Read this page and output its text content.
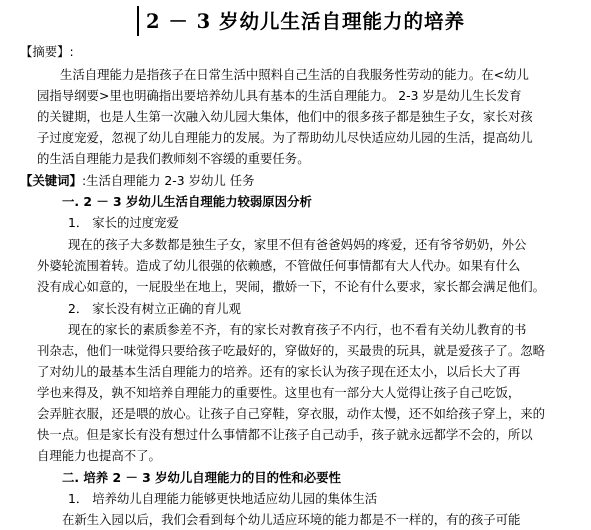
2 － 3 岁幼儿生活自理能力的培养
【摘要】:
生活自理能力是指孩子在日常生活中照料自己生活的自我服务性劳动的能力。在<幼儿
园指导纲要>里也明确指出要培养幼儿具有基本的生活自理能力。 2-3 岁是幼儿生长发育
的关键期，也是人生第一次融入幼儿园大集体，他们中的很多孩子都是独生子女，家长对孩
子过度宠爱，忽视了幼儿自理能力的发展。为了帮助幼儿尽快适应幼儿园的生活，提高幼儿
的生活自理能力是我们教师刻不容缓的重要任务。
【关键词】:生活自理能力 2-3 岁幼儿 任务
一. 2 － 3 岁幼儿生活自理能力较弱原因分析
1． 家长的过度宠爱
现在的孩子大多数都是独生子女，家里不但有爸爸妈妈的疼爱，还有爷爷奶奶，外公
外婆轮流围着转。造成了幼儿很强的依赖感，不管做任何事情都有大人代办。如果有什么
没有成心如意的，一屁股坐在地上，哭闹，撒娇一下，不论有什么要求，家长都会满足他们。
2． 家长没有树立正确的育儿观
现在的家长的素质参差不齐，有的家长对教育孩子不内行，也不看有关幼儿教育的书
刊杂志，他们一味觉得只要给孩子吃最好的，穿做好的，买最贵的玩具，就是爱孩子了。忽略
了对幼儿的最基本生活自理能力的培养。还有的家长认为孩子现在还太小，以后长大了再
学也来得及，孰不知培养自理能力的重要性。这里也有一部分大人觉得让孩子自己吃饭，
会弄脏衣服，还是喂的放心。让孩子自己穿鞋，穿衣服，动作太慢，还不如给孩子穿上，来的
快一点。但是家长有没有想过什么事情都不让孩子自己动手，孩子就永远都学不会的，所以
自理能力也提高不了。
二. 培养 2 － 3 岁幼儿自理能力的目的性和必要性
1． 培养幼儿自理能力能够更快地适应幼儿园的集体生活
在新生入园以后，我们会看到每个幼儿适应环境的能力都是不一样的，有的孩子可能
